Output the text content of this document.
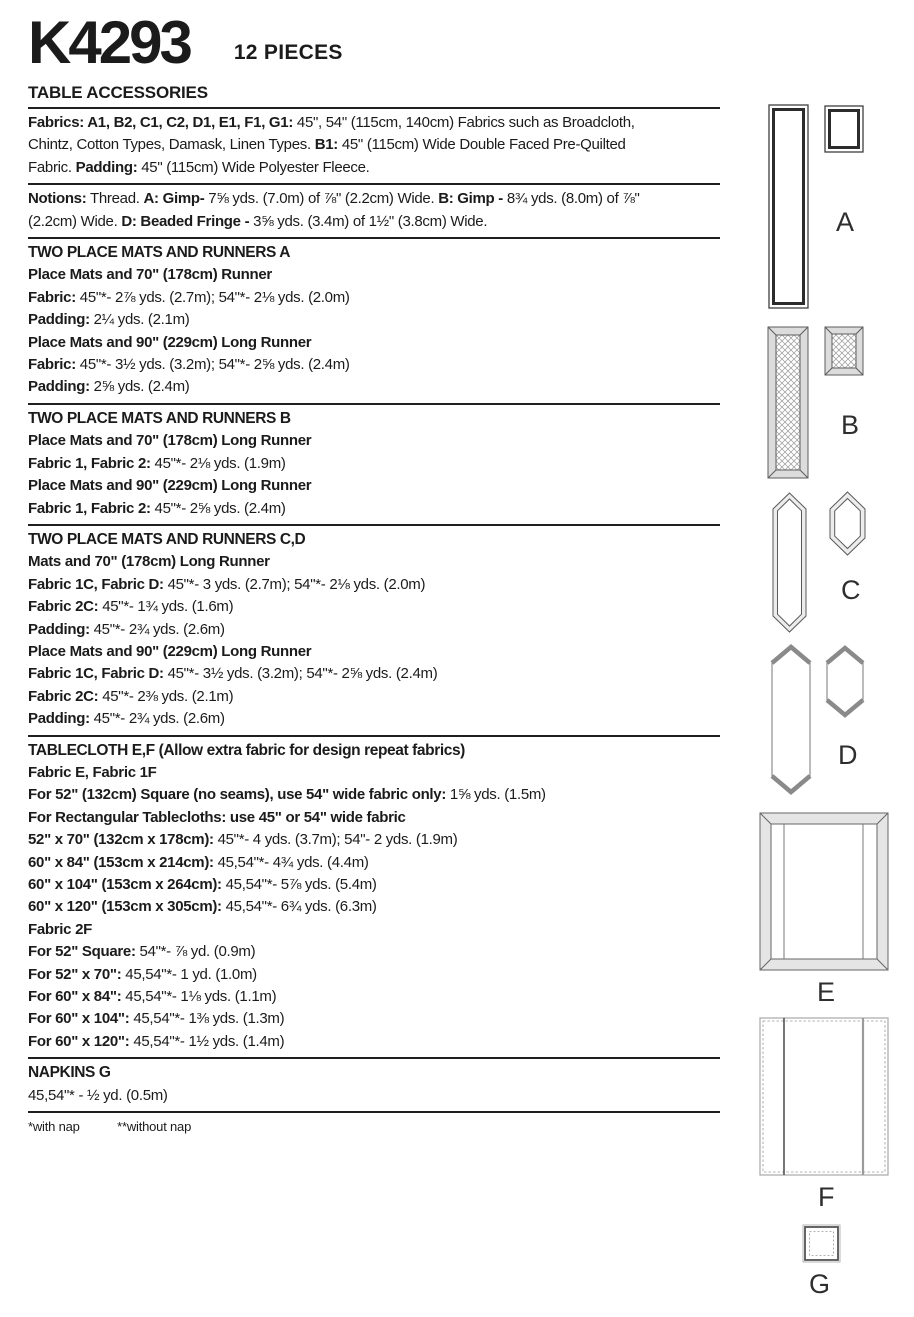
K4293 12 PIECES
TABLE ACCESSORIES
Fabrics: A1, B2, C1, C2, D1, E1, F1, G1: 45", 54" (115cm, 140cm) Fabrics such as Broadcloth,
Chintz, Cotton Types, Damask, Linen Types. B1: 45" (115cm) Wide Double Faced Pre-Quilted
Fabric. Padding: 45" (115cm) Wide Polyester Fleece.
Notions: Thread. A: Gimp- 7⅝ yds. (7.0m) of ⅞" (2.2cm) Wide. B: Gimp - 8¾ yds. (8.0m) of ⅞"
(2.2cm) Wide. D: Beaded Fringe - 3⅝ yds. (3.4m) of 1½" (3.8cm) Wide.
TWO PLACE MATS AND RUNNERS A
Place Mats and 70" (178cm) Runner
Fabric: 45"*- 2⅞ yds. (2.7m); 54"*- 2⅛ yds. (2.0m)
Padding: 2¼ yds. (2.1m)
Place Mats and 90" (229cm) Long Runner
Fabric: 45"*- 3½ yds. (3.2m); 54"*- 2⅝ yds. (2.4m)
Padding: 2⅝ yds. (2.4m)
TWO PLACE MATS AND RUNNERS B
Place Mats and 70" (178cm) Long Runner
Fabric 1, Fabric 2: 45"*- 2⅛ yds. (1.9m)
Place Mats and 90" (229cm) Long Runner
Fabric 1, Fabric 2: 45"*- 2⅝ yds. (2.4m)
TWO PLACE MATS AND RUNNERS C,D
Mats and 70" (178cm) Long Runner
Fabric 1C, Fabric D: 45"*- 3 yds. (2.7m); 54"*- 2⅛ yds. (2.0m)
Fabric 2C: 45"*- 1¾ yds. (1.6m)
Padding: 45"*- 2¾ yds. (2.6m)
Place Mats and 90" (229cm) Long Runner
Fabric 1C, Fabric D: 45"*- 3½ yds. (3.2m); 54"*- 2⅝ yds. (2.4m)
Fabric 2C: 45"*- 2⅜ yds. (2.1m)
Padding: 45"*- 2¾ yds. (2.6m)
TABLECLOTH E,F (Allow extra fabric for design repeat fabrics)
Fabric E, Fabric 1F
For 52" (132cm) Square (no seams), use 54" wide fabric only: 1⅝ yds. (1.5m)
For Rectangular Tablecloths: use 45" or 54" wide fabric
52" x 70" (132cm x 178cm): 45"*- 4 yds. (3.7m); 54"- 2 yds. (1.9m)
60" x 84" (153cm x 214cm): 45,54"*- 4¾ yds. (4.4m)
60" x 104" (153cm x 264cm): 45,54"*- 5⅞ yds. (5.4m)
60" x 120" (153cm x 305cm): 45,54"*- 6¾ yds. (6.3m)
Fabric 2F
For 52" Square: 54"*- ⅞ yd. (0.9m)
For 52" x 70": 45,54"*- 1 yd. (1.0m)
For 60" x 84": 45,54"*- 1⅛ yds. (1.1m)
For 60" x 104": 45,54"*- 1⅜ yds. (1.3m)
For 60" x 120": 45,54"*- 1½ yds. (1.4m)
NAPKINS G
45,54"* - ½ yd. (0.5m)
*with nap	**without nap
A
B
C
D
E
F
G
